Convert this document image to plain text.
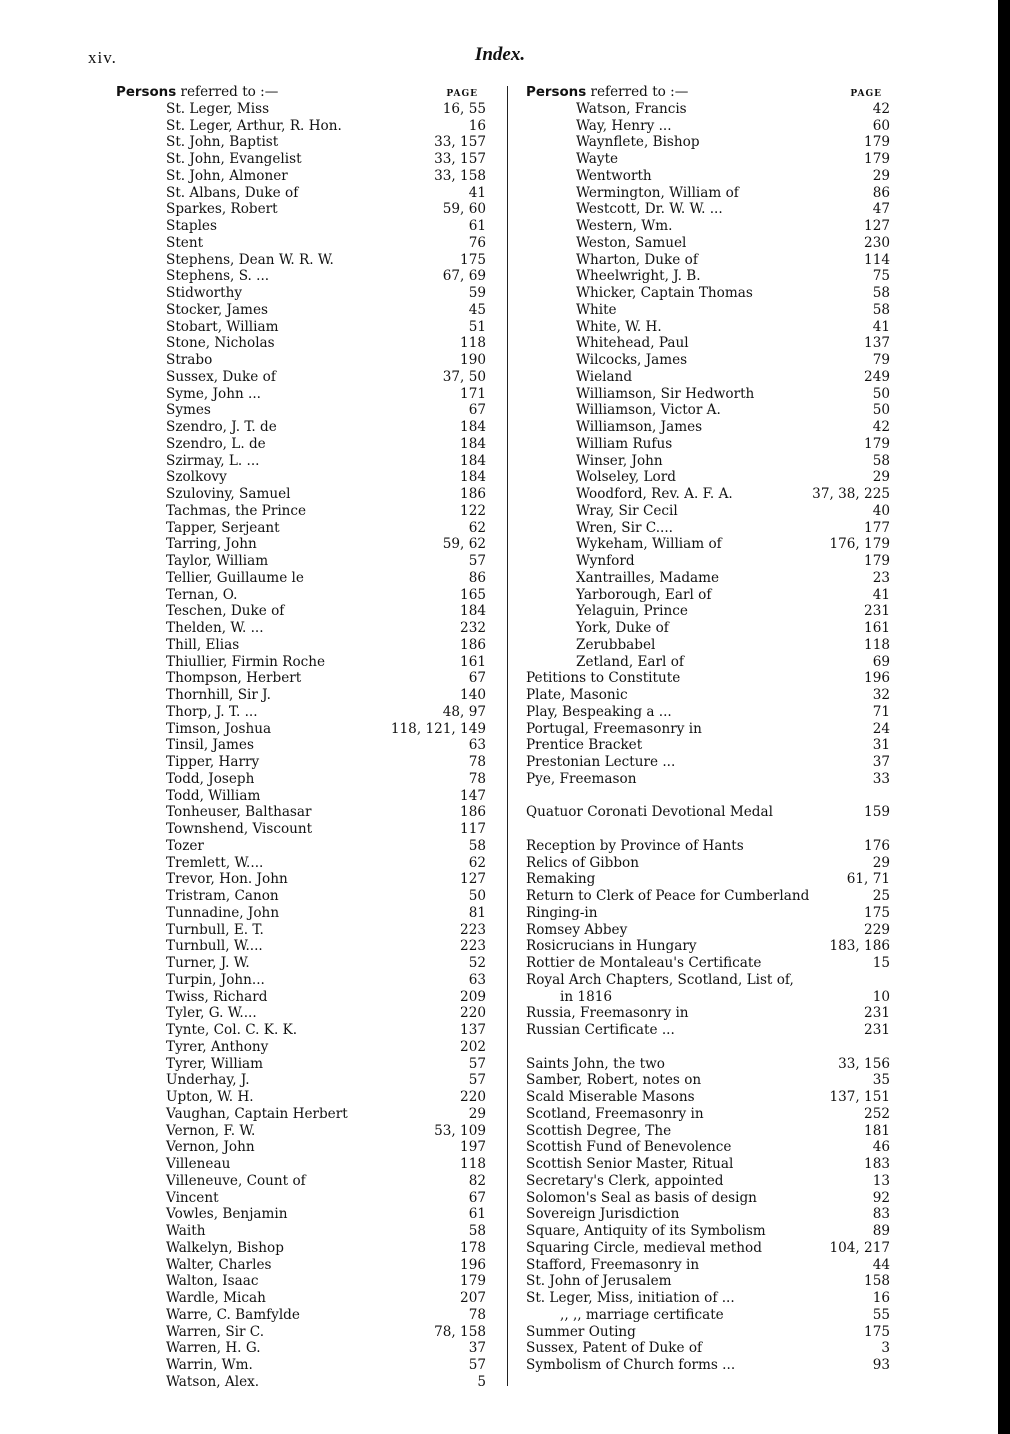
xiv.	Index.
Persons referred to :—	PAGE
St. Leger, Miss	16, 55
St. Leger, Arthur, R. Hon.	16
St. John, Baptist	33, 157
St. John, Evangelist	33, 157
St. John, Almoner	33, 158
St. Albans, Duke of	41
Sparkes, Robert	59, 60
Staples	61
Stent	76
Stephens, Dean W. R. W.	175
Stephens, S. ...	67, 69
Stidworthy	59
Stocker, James	45
Stobart, William	51
Stone, Nicholas	118
Strabo	190
Sussex, Duke of	37, 50
Syme, John ...	171
Symes	67
Szendro, J. T. de	184
Szendro, L. de	184
Szirmay, L. ...	184
Szolkovy	184
Szuloviny, Samuel	186
Tachmas, the Prince	122
Tapper, Serjeant	62
Tarring, John	59, 62
Taylor, William	57
Tellier, Guillaume le	86
Ternan, O.	165
Teschen, Duke of	184
Thelden, W. ...	232
Thill, Elias	186
Thiullier, Firmin Roche	161
Thompson, Herbert	67
Thornhill, Sir J.	140
Thorp, J. T. ...	48, 97
Timson, Joshua	118, 121, 149
Tinsil, James	63
Tipper, Harry	78
Todd, Joseph	78
Todd, William	147
Tonheuser, Balthasar	186
Townshend, Viscount	117
Tozer	58
Tremlett, W....	62
Trevor, Hon. John	127
Tristram, Canon	50
Tunnadine, John	81
Turnbull, E. T.	223
Turnbull, W....	223
Turner, J. W.	52
Turpin, John...	63
Twiss, Richard	209
Tyler, G. W....	220
Tynte, Col. C. K. K.	137
Tyrer, Anthony	202
Tyrer, William	57
Underhay, J.	57
Upton, W. H.	220
Vaughan, Captain Herbert	29
Vernon, F. W.	53, 109
Vernon, John	197
Villeneau	118
Villeneuve, Count of	82
Vincent	67
Vowles, Benjamin	61
Waith	58
Walkelyn, Bishop	178
Walter, Charles	196
Walton, Isaac	179
Wardle, Micah	207
Warre, C. Bamfylde	78
Warren, Sir C.	78, 158
Warren, H. G.	37
Warrin, Wm.	57
Watson, Alex.	5
Persons referred to :—	PAGE
Watson, Francis	42
Way, Henry ...	60
Waynflete, Bishop	179
Wayte	179
Wentworth	29
Wermington, William of	86
Westcott, Dr. W. W. ...	47
Western, Wm.	127
Weston, Samuel	230
Wharton, Duke of	114
Wheelwright, J. B.	75
Whicker, Captain Thomas	58
White	58
White, W. H.	41
Whitehead, Paul	137
Wilcocks, James	79
Wieland	249
Williamson, Sir Hedworth	50
Williamson, Victor A.	50
Williamson, James	42
William Rufus	179
Winser, John	58
Wolseley, Lord	29
Woodford, Rev. A. F. A.	37, 38, 225
Wray, Sir Cecil	40
Wren, Sir C....	177
Wykeham, William of	176, 179
Wynford	179
Xantrailles, Madame	23
Yarborough, Earl of	41
Yelaguin, Prince	231
York, Duke of	161
Zerubbabel	118
Zetland, Earl of	69
Petitions to Constitute	196
Plate, Masonic	32
Play, Bespeaking a ...	71
Portugal, Freemasonry in	24
Prentice Bracket	31
Prestonian Lecture ...	37
Pye, Freemason	33
Quatuor Coronati Devotional Medal	159
Reception by Province of Hants	176
Relics of Gibbon	29
Remaking	61, 71
Return to Clerk of Peace for Cumberland	25
Ringing-in	175
Romsey Abbey	229
Rosicrucians in Hungary	183, 186
Rottier de Montaleau's Certificate	15
Royal Arch Chapters, Scotland, List of,
in 1816	10
Russia, Freemasonry in	231
Russian Certificate ...	231
Saints John, the two	33, 156
Samber, Robert, notes on	35
Scald Miserable Masons	137, 151
Scotland, Freemasonry in	252
Scottish Degree, The	181
Scottish Fund of Benevolence	46
Scottish Senior Master, Ritual	183
Secretary's Clerk, appointed	13
Solomon's Seal as basis of design	92
Sovereign Jurisdiction	83
Square, Antiquity of its Symbolism	89
Squaring Circle, medieval method	104, 217
Stafford, Freemasonry in	44
St. John of Jerusalem	158
St. Leger, Miss, initiation of ...	16
,, ,, marriage certificate	55
Summer Outing	175
Sussex, Patent of Duke of	3
Symbolism of Church forms ...	93
